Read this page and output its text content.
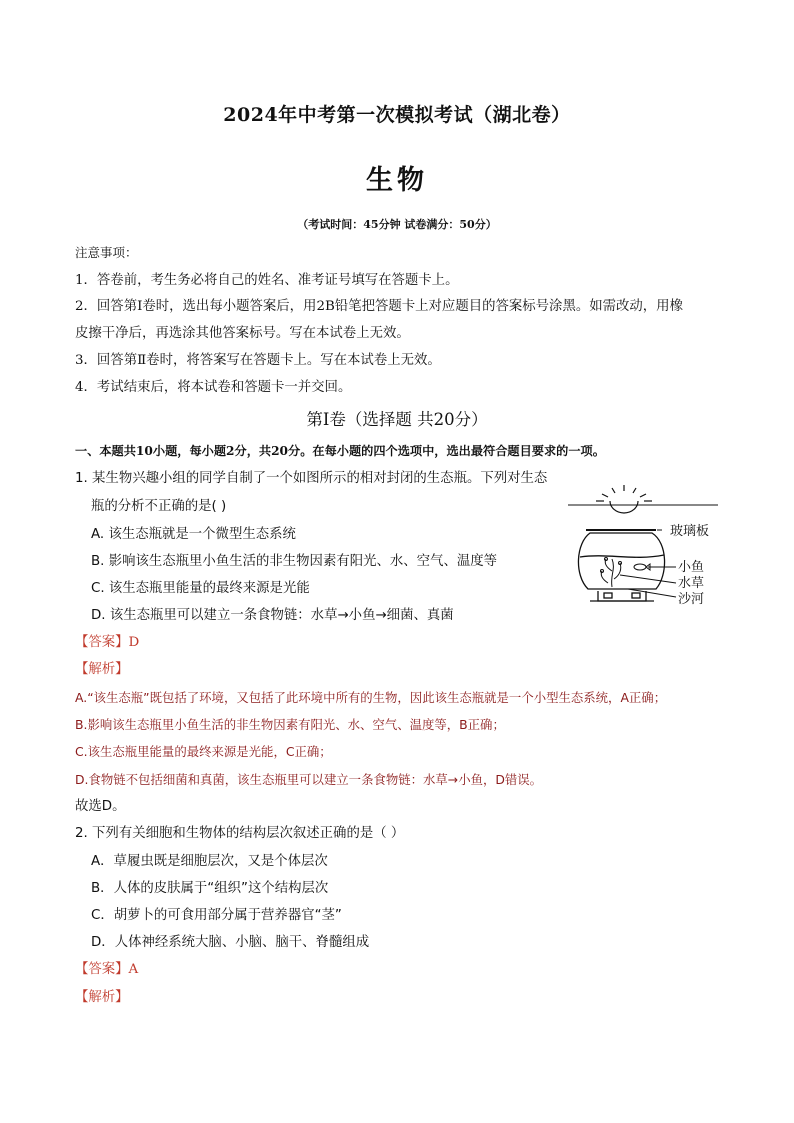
2024年中考第一次模拟考试（湖北卷）
生物
（考试时间：45分钟 试卷满分：50分）
注意事项：
1．答卷前，考生务必将自己的姓名、准考证号填写在答题卡上。
2．回答第Ⅰ卷时，选出每小题答案后，用2B铅笔把答题卡上对应题目的答案标号涂黑。如需改动，用橡
皮擦干净后，再选涂其他答案标号。写在本试卷上无效。
3．回答第Ⅱ卷时，将答案写在答题卡上。写在本试卷上无效。
4．考试结束后，将本试卷和答题卡一并交回。
第Ⅰ卷（选择题 共20分）
一、本题共10小题，每小题2分，共20分。在每小题的四个选项中，选出最符合题目要求的一项。
1. 某生物兴趣小组的同学自制了一个如图所示的相对封闭的生态瓶。下列对生态
瓶的分析不正确的是( )
A. 该生态瓶就是一个微型生态系统
B. 影响该生态瓶里小鱼生活的非生物因素有阳光、水、空气、温度等
C. 该生态瓶里能量的最终来源是光能
D. 该生态瓶里可以建立一条食物链：水草→小鱼→细菌、真菌
玻璃板
小鱼
水草
沙河
【答案】D
【解析】
A.“该生态瓶”既包括了环境，又包括了此环境中所有的生物，因此该生态瓶就是一个小型生态系统，A正确；
B.影响该生态瓶里小鱼生活的非生物因素有阳光、水、空气、温度等，B正确；
C.该生态瓶里能量的最终来源是光能，C正确；
D.食物链不包括细菌和真菌，该生态瓶里可以建立一条食物链：水草→小鱼，D错误。
故选D。
2. 下列有关细胞和生物体的结构层次叙述正确的是（ ）
A．草履虫既是细胞层次，又是个体层次
B．人体的皮肤属于“组织”这个结构层次
C．胡萝卜的可食用部分属于营养器官“茎”
D．人体神经系统大脑、小脑、脑干、脊髓组成
【答案】A
【解析】
